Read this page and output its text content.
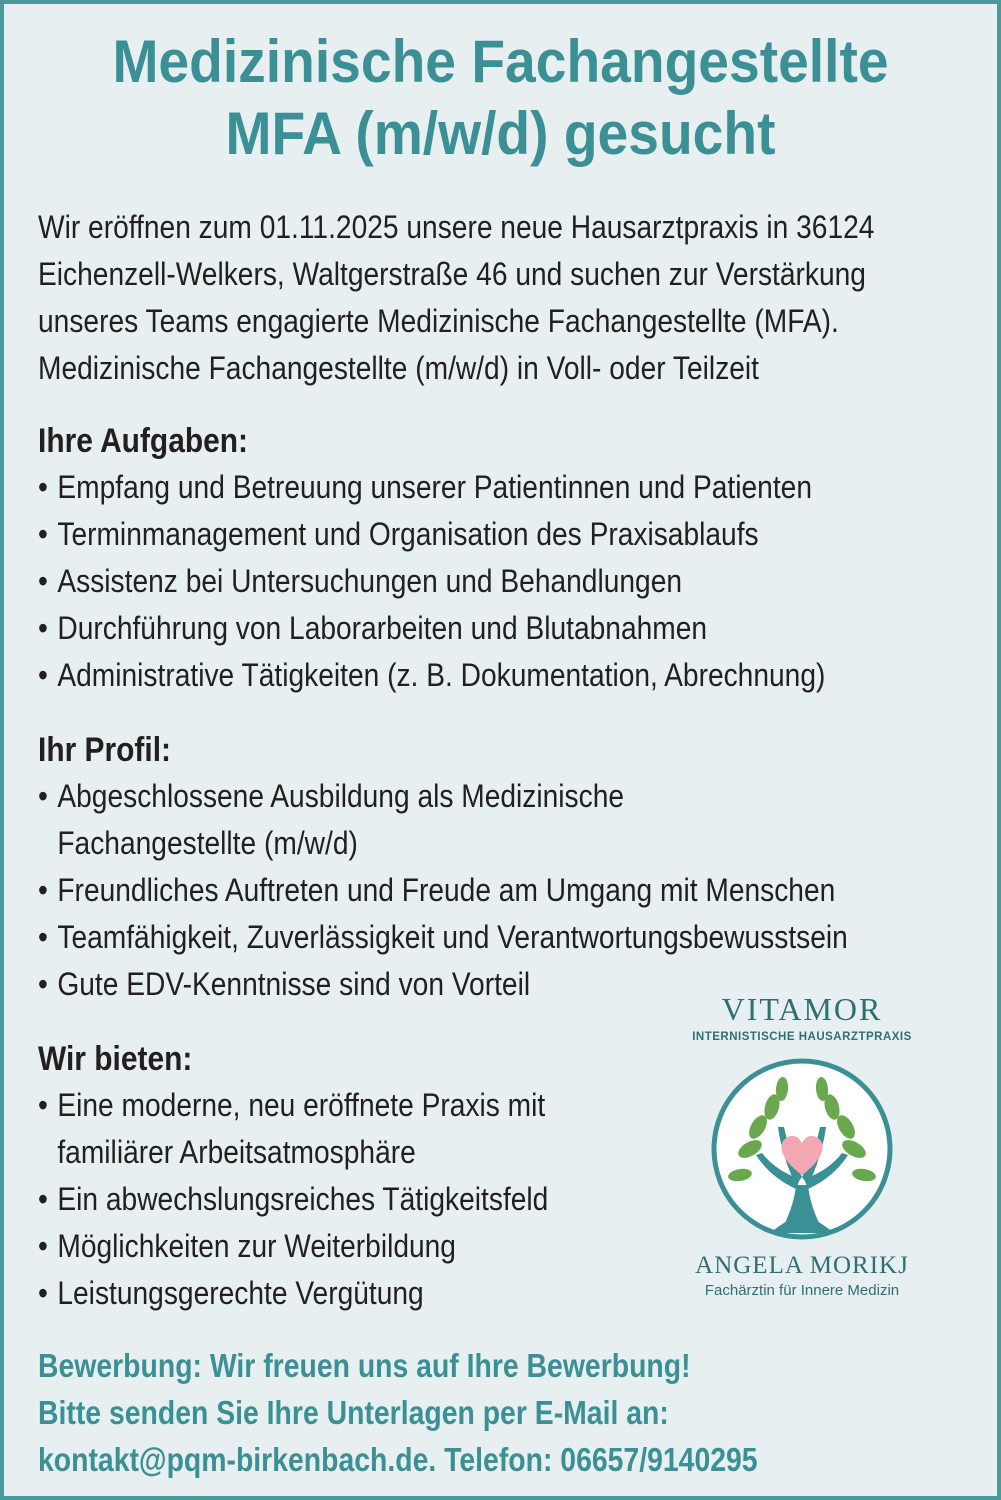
Medizinische Fachangestellte
MFA (m/w/d) gesucht
Wir eröffnen zum 01.11.2025 unsere neue Hausarztpraxis in 36124
Eichenzell-Welkers, Waltgerstraße 46 und suchen zur Verstärkung
unseres Teams engagierte Medizinische Fachangestellte (MFA).
Medizinische Fachangestellte (m/w/d) in Voll- oder Teilzeit
Ihre Aufgaben:
• Empfang und Betreuung unserer Patientinnen und Patienten
• Terminmanagement und Organisation des Praxisablaufs
• Assistenz bei Untersuchungen und Behandlungen
• Durchführung von Laborarbeiten und Blutabnahmen
• Administrative Tätigkeiten (z. B. Dokumentation, Abrechnung)
Ihr Profil:
• Abgeschlossene Ausbildung als Medizinische
Fachangestellte (m/w/d)
• Freundliches Auftreten und Freude am Umgang mit Menschen
• Teamfähigkeit, Zuverlässigkeit und Verantwortungsbewusstsein
• Gute EDV-Kenntnisse sind von Vorteil
Wir bieten:
• Eine moderne, neu eröffnete Praxis mit
familiärer Arbeitsatmosphäre
• Ein abwechslungsreiches Tätigkeitsfeld
• Möglichkeiten zur Weiterbildung
• Leistungsgerechte Vergütung
VITAMOR
INTERNISTISCHE HAUSARZTPRAXIS
ANGELA MORIKJ
Fachärztin für Innere Medizin
Bewerbung: Wir freuen uns auf Ihre Bewerbung!
Bitte senden Sie Ihre Unterlagen per E-Mail an:
kontakt@pqm-birkenbach.de. Telefon: 06657/9140295
